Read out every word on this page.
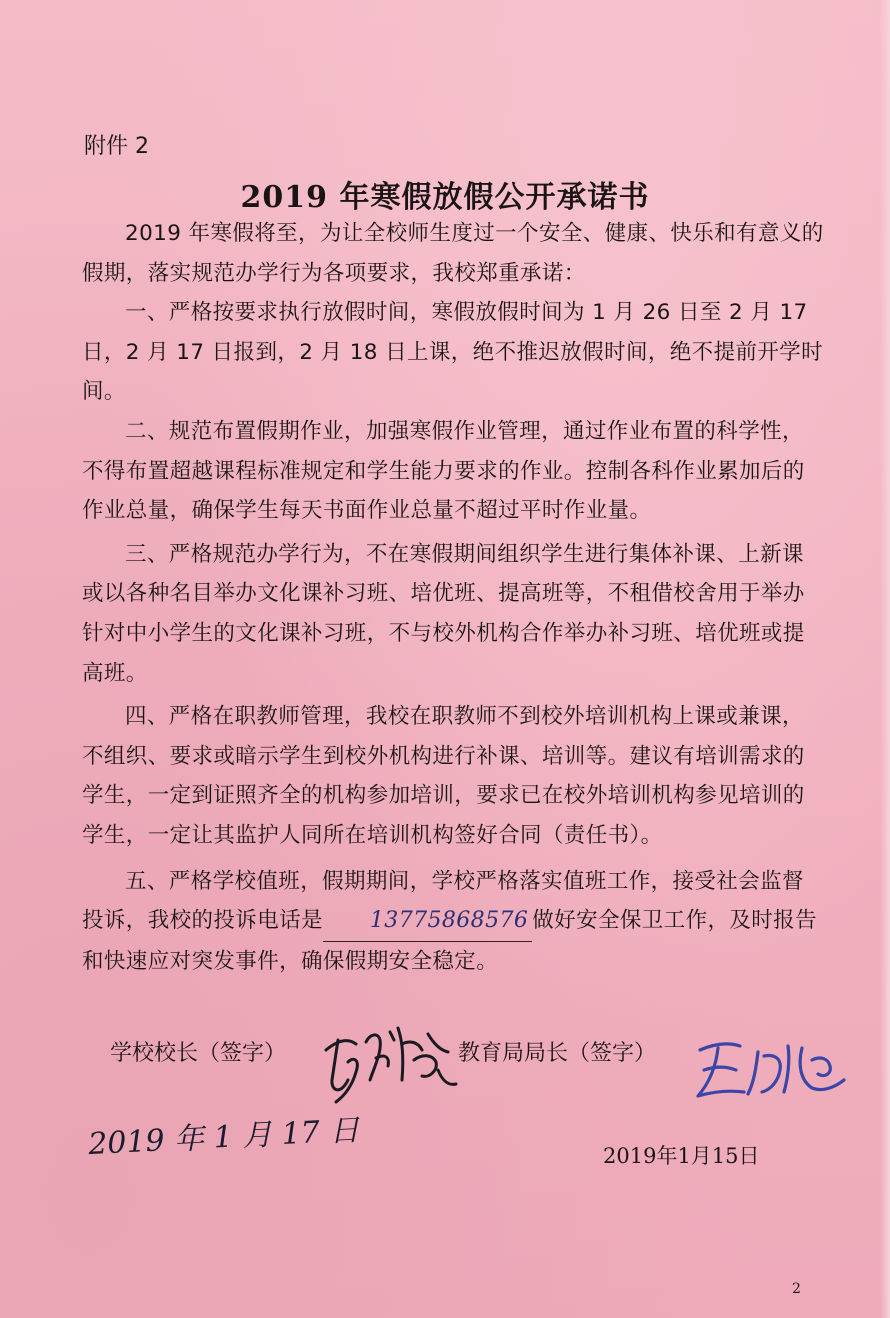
附件 2
2019 年寒假放假公开承诺书

2019 年寒假将至，为让全校师生度过一个安全、健康、快乐和有意义的假期，落实规范办学行为各项要求，我校郑重承诺：

一、严格按要求执行放假时间，寒假放假时间为 1 月 26 日至 2 月 17 日，2 月 17 日报到，2 月 18 日上课，绝不推迟放假时间，绝不提前开学时间。

二、规范布置假期作业，加强寒假作业管理，通过作业布置的科学性，不得布置超越课程标准规定和学生能力要求的作业。控制各科作业累加后的作业总量，确保学生每天书面作业总量不超过平时作业量。

三、严格规范办学行为，不在寒假期间组织学生进行集体补课、上新课或以各种名目举办文化课补习班、培优班、提高班等，不租借校舍用于举办针对中小学生的文化课补习班，不与校外机构合作举办补习班、培优班或提高班。

四、严格在职教师管理，我校在职教师不到校外培训机构上课或兼课，不组织、要求或暗示学生到校外机构进行补课、培训等。建议有培训需求的学生，一定到证照齐全的机构参加培训，要求已在校外培训机构参见培训的学生，一定让其监护人同所在培训机构签好合同（责任书）。

五、严格学校值班，假期期间，学校严格落实值班工作，接受社会监督投诉，我校的投诉电话是 13775868576 做好安全保卫工作，及时报告和快速应对突发事件，确保假期安全稳定。

学校校长（签字）	教育局局长（签字）
2019 年 1 月 17 日	2019年1月15日
2
